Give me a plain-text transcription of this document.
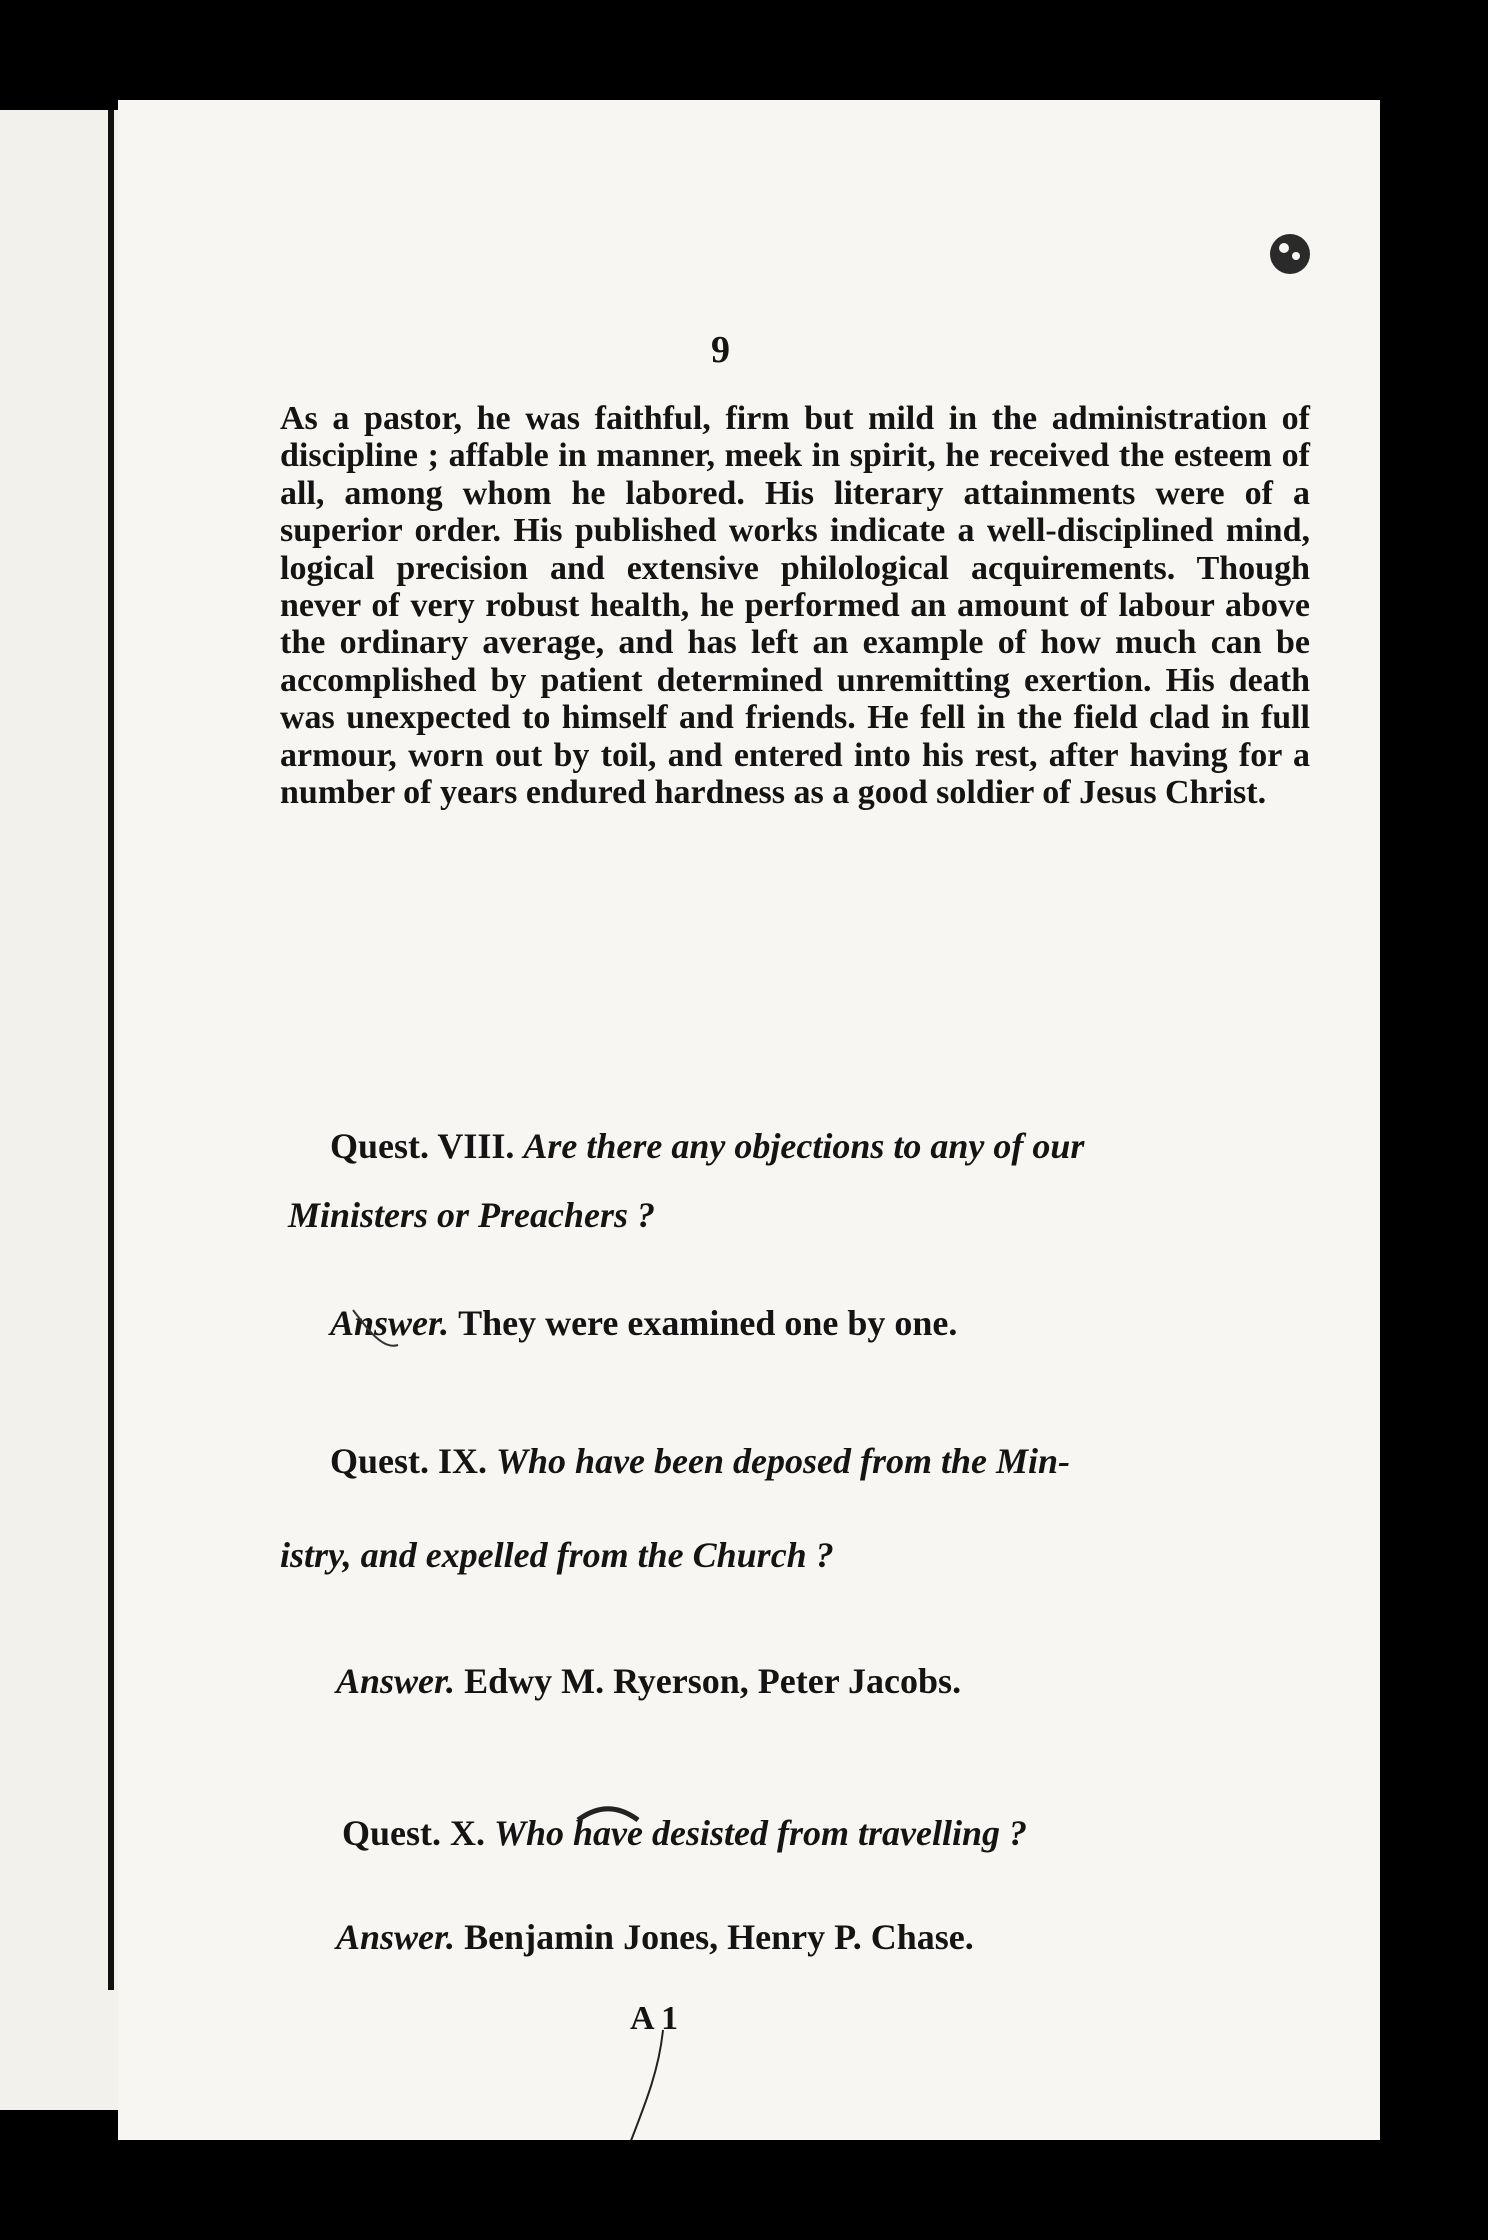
9

As a pastor, he was faithful, firm but mild in the administration of discipline ; affable in manner, meek in spirit, he received the esteem of all, among whom he labored. His literary attainments were of a superior order. His published works indicate a well-disciplined mind, logical precision and extensive philological acquirements. Though never of very robust health, he performed an amount of labour above the ordinary average, and has left an example of how much can be accomplished by patient determined unremitting exertion. His death was unexpected to himself and friends. He fell in the field clad in full armour, worn out by toil, and entered into his rest, after having for a number of years endured hardness as a good soldier of Jesus Christ.

Quest. VIII. Are there any objections to any of our

Ministers or Preachers ?

Answer. They were examined one by one.

Quest. IX. Who have been deposed from the Min-

istry, and expelled from the Church ?

Answer. Edwy M. Ryerson, Peter Jacobs.

Quest. X. Who have desisted from travelling ?

Answer. Benjamin Jones, Henry P. Chase.

A 1
